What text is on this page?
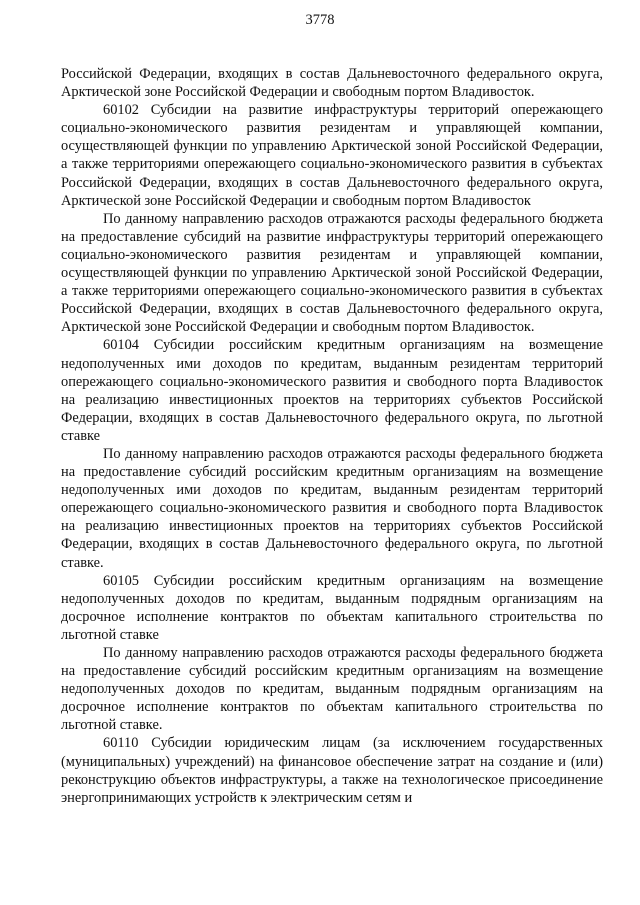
3778

Российской Федерации, входящих в состав Дальневосточного федерального округа, Арктической зоне Российской Федерации и свободным портом Владивосток.

60102 Субсидии на развитие инфраструктуры территорий опережающего социально-экономического развития резидентам и управляющей компании, осуществляющей функции по управлению Арктической зоной Российской Федерации, а также территориями опережающего социально-экономического развития в субъектах Российской Федерации, входящих в состав Дальневосточного федерального округа, Арктической зоне Российской Федерации и свободным портом Владивосток

По данному направлению расходов отражаются расходы федерального бюджета на предоставление субсидий на развитие инфраструктуры территорий опережающего социально-экономического развития резидентам и управляющей компании, осуществляющей функции по управлению Арктической зоной Российской Федерации, а также территориями опережающего социально-экономического развития в субъектах Российской Федерации, входящих в состав Дальневосточного федерального округа, Арктической зоне Российской Федерации и свободным портом Владивосток.

60104 Субсидии российским кредитным организациям на возмещение недополученных ими доходов по кредитам, выданным резидентам территорий опережающего социально-экономического развития и свободного порта Владивосток на реализацию инвестиционных проектов на территориях субъектов Российской Федерации, входящих в состав Дальневосточного федерального округа, по льготной ставке

По данному направлению расходов отражаются расходы федерального бюджета на предоставление субсидий российским кредитным организациям на возмещение недополученных ими доходов по кредитам, выданным резидентам территорий опережающего социально-экономического развития и свободного порта Владивосток на реализацию инвестиционных проектов на территориях субъектов Российской Федерации, входящих в состав Дальневосточного федерального округа, по льготной ставке.

60105 Субсидии российским кредитным организациям на возмещение недополученных доходов по кредитам, выданным подрядным организациям на досрочное исполнение контрактов по объектам капитального строительства по льготной ставке

По данному направлению расходов отражаются расходы федерального бюджета на предоставление субсидий российским кредитным организациям на возмещение недополученных доходов по кредитам, выданным подрядным организациям на досрочное исполнение контрактов по объектам капитального строительства по льготной ставке.

60110 Субсидии юридическим лицам (за исключением государственных (муниципальных) учреждений) на финансовое обеспечение затрат на создание и (или) реконструкцию объектов инфраструктуры, а также на технологическое присоединение энергопринимающих устройств к электрическим сетям и
